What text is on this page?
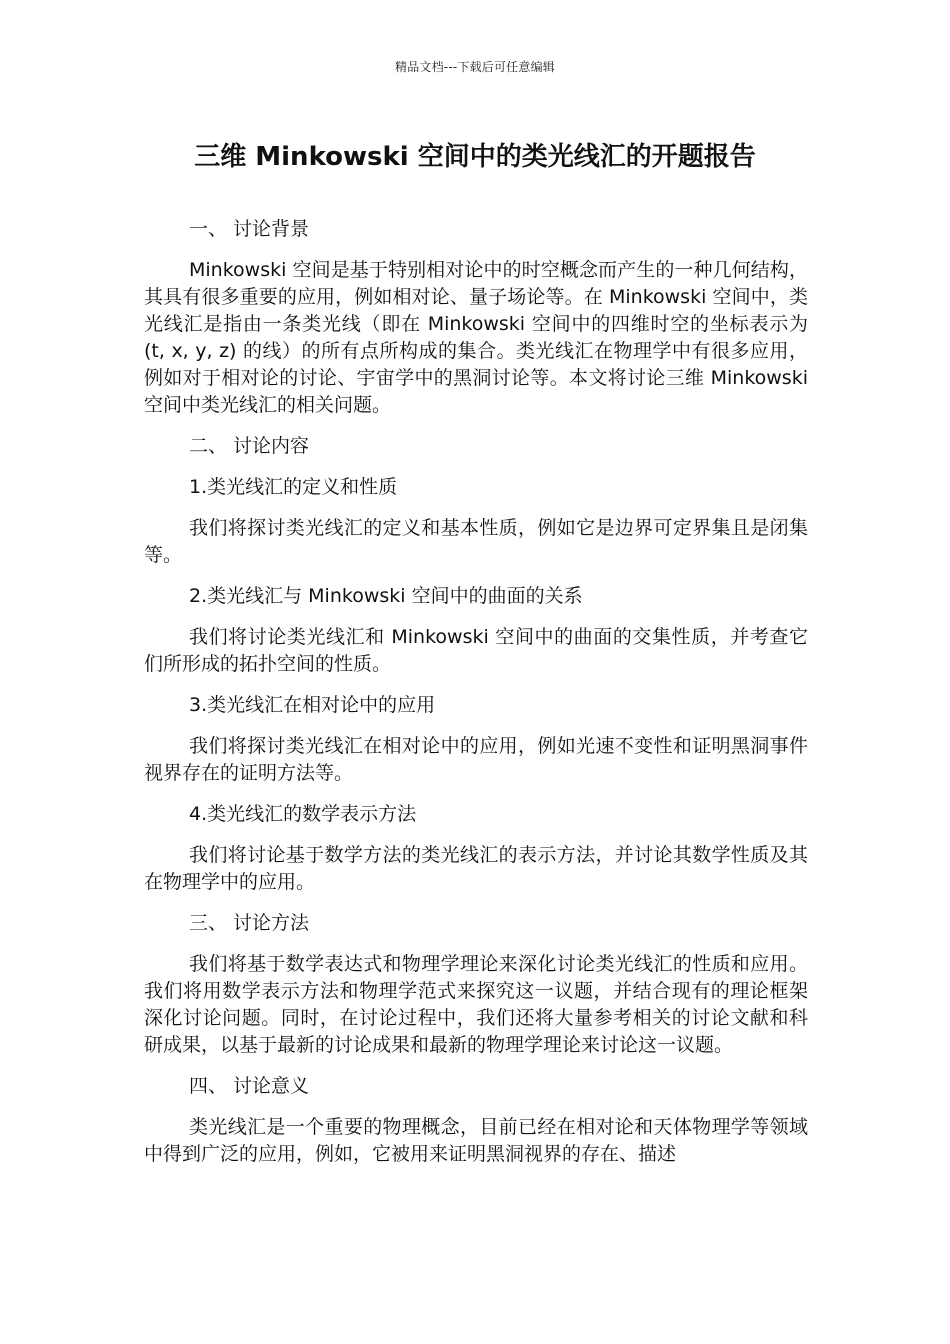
精品文档---下载后可任意编辑
三维 Minkowski 空间中的类光线汇的开题报告
一、 讨论背景
Minkowski 空间是基于特别相对论中的时空概念而产生的一种几何结构，其具有很多重要的应用，例如相对论、量子场论等。在 Minkowski 空间中，类光线汇是指由一条类光线（即在 Minkowski 空间中的四维时空的坐标表示为 (t, x, y, z) 的线）的所有点所构成的集合。类光线汇在物理学中有很多应用，例如对于相对论的讨论、宇宙学中的黑洞讨论等。本文将讨论三维 Minkowski 空间中类光线汇的相关问题。
二、 讨论内容
1.类光线汇的定义和性质
我们将探讨类光线汇的定义和基本性质，例如它是边界可定界集且是闭集等。
2.类光线汇与 Minkowski 空间中的曲面的关系
我们将讨论类光线汇和 Minkowski 空间中的曲面的交集性质，并考查它们所形成的拓扑空间的性质。
3.类光线汇在相对论中的应用
我们将探讨类光线汇在相对论中的应用，例如光速不变性和证明黑洞事件视界存在的证明方法等。
4.类光线汇的数学表示方法
我们将讨论基于数学方法的类光线汇的表示方法，并讨论其数学性质及其在物理学中的应用。
三、 讨论方法
我们将基于数学表达式和物理学理论来深化讨论类光线汇的性质和应用。我们将用数学表示方法和物理学范式来探究这一议题，并结合现有的理论框架深化讨论问题。同时，在讨论过程中，我们还将大量参考相关的讨论文献和科研成果，以基于最新的讨论成果和最新的物理学理论来讨论这一议题。
四、 讨论意义
类光线汇是一个重要的物理概念，目前已经在相对论和天体物理学等领域中得到广泛的应用，例如，它被用来证明黑洞视界的存在、描述
